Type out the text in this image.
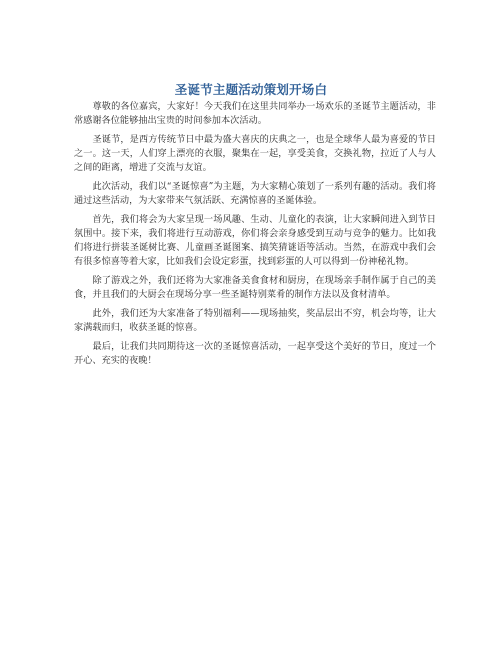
圣诞节主题活动策划开场白

尊敬的各位嘉宾，大家好！今天我们在这里共同举办一场欢乐的圣诞节主题活动，非常感谢各位能够抽出宝贵的时间参加本次活动。

圣诞节，是西方传统节日中最为盛大喜庆的庆典之一，也是全球华人最为喜爱的节日之一。这一天，人们穿上漂亮的衣服，聚集在一起，享受美食，交换礼物，拉近了人与人之间的距离，增进了交流与友谊。

此次活动，我们以“圣诞惊喜”为主题，为大家精心策划了一系列有趣的活动。我们将通过这些活动，为大家带来气氛活跃、充满惊喜的圣诞体验。

首先，我们将会为大家呈现一场风趣、生动、儿童化的表演，让大家瞬间进入到节日氛围中。接下来，我们将进行互动游戏，你们将会亲身感受到互动与竞争的魅力。比如我们将进行拼装圣诞树比赛、儿童画圣诞图案、搞笑猜谜语等活动。当然，在游戏中我们会有很多惊喜等着大家，比如我们会设定彩蛋，找到彩蛋的人可以得到一份神秘礼物。

除了游戏之外，我们还将为大家准备美食食材和厨房，在现场亲手制作属于自己的美食，并且我们的大厨会在现场分享一些圣诞特别菜肴的制作方法以及食材清单。

此外，我们还为大家准备了特别福利——现场抽奖，奖品层出不穷，机会均等，让大家满载而归，收获圣诞的惊喜。

最后，让我们共同期待这一次的圣诞惊喜活动，一起享受这个美好的节日，度过一个开心、充实的夜晚！
